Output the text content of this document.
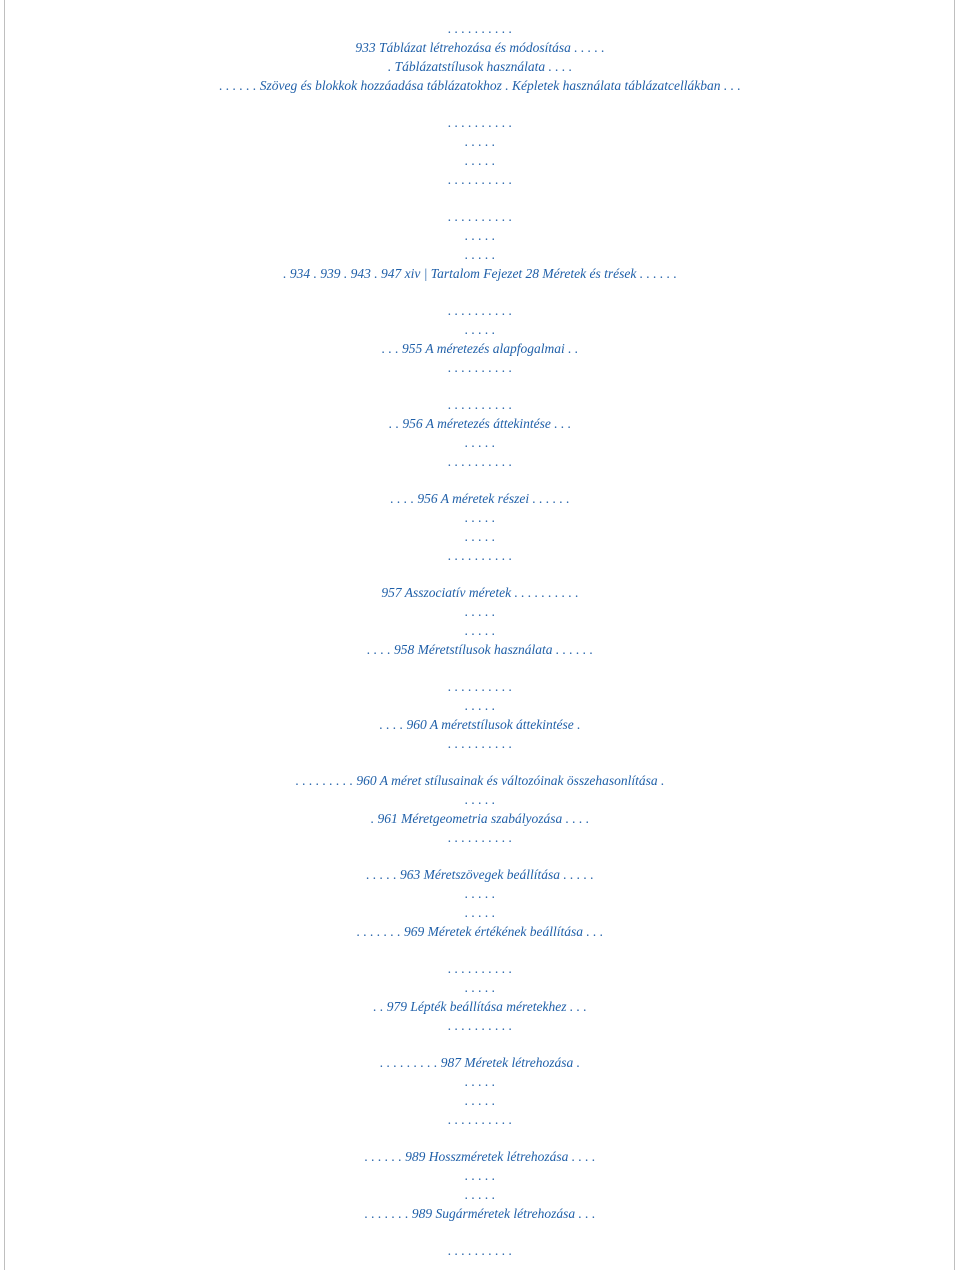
. . . . . . . . . .
933 Táblázat létrehozása és módosítása . . . . .
. Táblázatstílusok használata . . . .
. . . . . . Szöveg és blokkok hozzáadása táblázatokhoz . Képletek használata táblázatcellákban . . .
. . . . . . . . . .
. . . . .
. . . . .
. . . . . . . . . .
. . . . . . . . . .
. . . . .
. . . . .
. 934 . 939 . 943 . 947 xiv | Tartalom Fejezet 28 Méretek és trések . . . . . .
. . . . . . . . . .
. . . . .
. . . 955 A méretezés alapfogalmai . .
. . . . . . . . . .
. . . . . . . . . .
. . 956 A méretezés áttekintése . . .
. . . . .
. . . . . . . . . .
. . . . 956 A méretek részei . . . . . .
. . . . .
. . . . .
. . . . . . . . . .
957 Asszociatív méretek . . . . . . . . . .
. . . . .
. . . . .
. . . . 958 Méretstílusok használata . . . . . .
. . . . . . . . . .
. . . . .
. . . . 960 A méretstílusok áttekintése .
. . . . . . . . . .
. . . . . . . . . 960 A méret stílusainak és változóinak összehasonlítása .
. . . . .
. 961 Méretgeometria szabályozása . . . .
. . . . . . . . . .
. . . . . 963 Méretszövegek beállítása . . . . .
. . . . .
. . . . .
. . . . . . . 969 Méretek értékének beállítása . . .
. . . . . . . . . .
. . . . .
. . 979 Lépték beállítása méretekhez . . .
. . . . . . . . . .
. . . . . . . . . 987 Méretek létrehozása .
. . . . .
. . . . .
. . . . . . . . . .
. . . . . . 989 Hosszméretek létrehozása . . . .
. . . . .
. . . . .
. . . . . . . 989 Sugárméretek létrehozása . . .
. . . . . . . . . .
